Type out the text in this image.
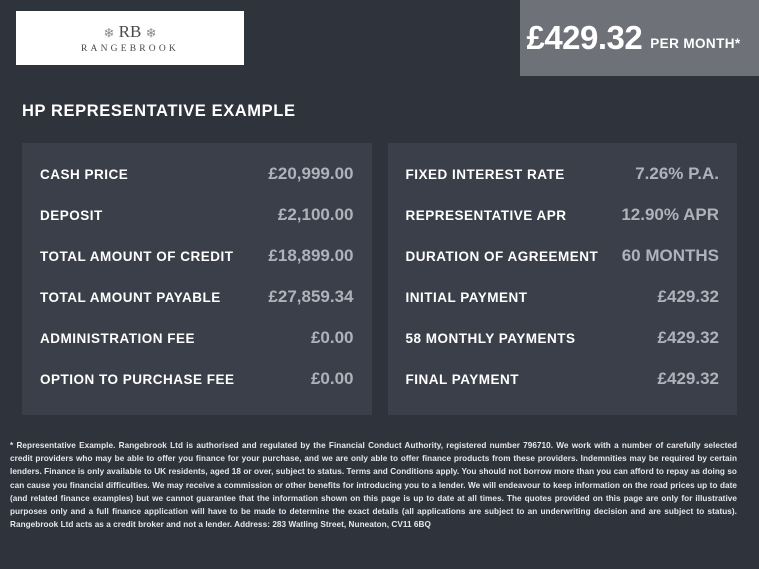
❄ RB ❄
RANGEBROOK	£429.32 PER MONTH*
HP REPRESENTATIVE EXAMPLE
CASH PRICE	£20,999.00
DEPOSIT	£2,100.00
TOTAL AMOUNT OF CREDIT £18,899.00
TOTAL AMOUNT PAYABLE	£27,859.34
ADMINISTRATION FEE	£0.00
OPTION TO PURCHASE FEE	£0.00
FIXED INTEREST RATE	7.26% P.A.
REPRESENTATIVE APR	12.90% APR
DURATION OF AGREEMENT 60 MONTHS
INITIAL PAYMENT	£429.32
58 MONTHLY PAYMENTS	£429.32
FINAL PAYMENT	£429.32
* Representative Example. Rangebrook Ltd is authorised and regulated by the Financial Conduct Authority, registered number 796710. We work with a number of carefully selected credit providers who may be able to offer you finance for your purchase, and we are only able to offer finance products from these providers. Indemnities may be required by certain lenders. Finance is only available to UK residents, aged 18 or over, subject to status. Terms and Conditions apply. You should not borrow more than you can afford to repay as doing so can cause you financial difficulties. We may receive a commission or other benefits for introducing you to a lender. We will endeavour to keep information on the road prices up to date (and related finance examples) but we cannot guarantee that the information shown on this page is up to date at all times. The quotes provided on this page are only for illustrative purposes only and a full finance application will have to be made to determine the exact details (all applications are subject to an underwriting decision and are subject to status). Rangebrook Ltd acts as a credit broker and not a lender. Address: 283 Watling Street, Nuneaton, CV11 6BQ
